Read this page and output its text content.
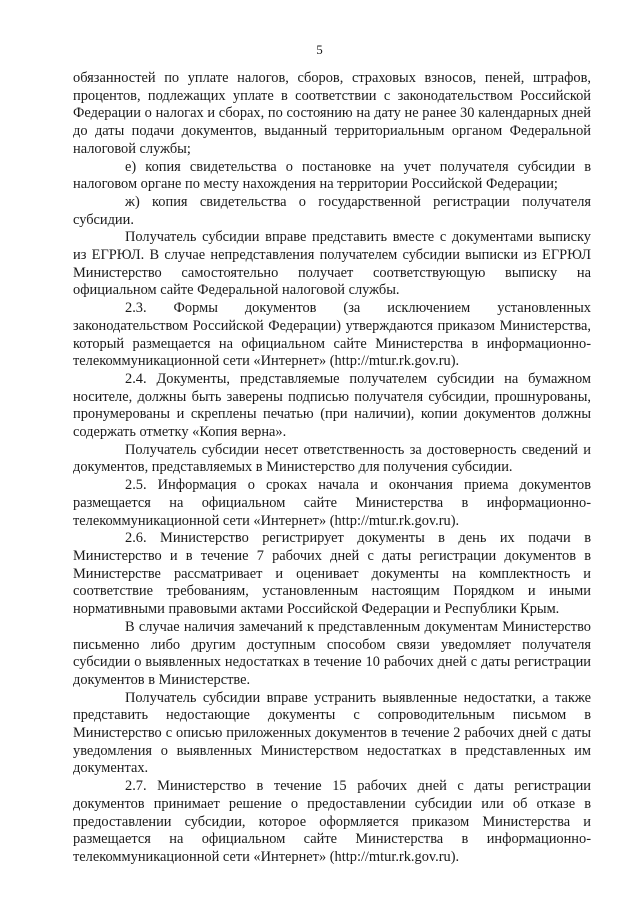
5

обязанностей по уплате налогов, сборов, страховых взносов, пеней, штрафов, процентов, подлежащих уплате в соответствии с законодательством Российской Федерации о налогах и сборах, по состоянию на дату не ранее 30 календарных дней до даты подачи документов, выданный территориальным органом Федеральной налоговой службы;

е) копия свидетельства о постановке на учет получателя субсидии в налоговом органе по месту нахождения на территории Российской Федерации;

ж) копия свидетельства о государственной регистрации получателя субсидии.

Получатель субсидии вправе представить вместе с документами выписку из ЕГРЮЛ. В случае непредставления получателем субсидии выписки из ЕГРЮЛ Министерство самостоятельно получает соответствующую выписку на официальном сайте Федеральной налоговой службы.

2.3. Формы документов (за исключением установленных законодательством Российской Федерации) утверждаются приказом Министерства, который размещается на официальном сайте Министерства в информационно-телекоммуникационной сети «Интернет» (http://mtur.rk.gov.ru).

2.4. Документы, представляемые получателем субсидии на бумажном носителе, должны быть заверены подписью получателя субсидии, прошнурованы, пронумерованы и скреплены печатью (при наличии), копии документов должны содержать отметку «Копия верна».

Получатель субсидии несет ответственность за достоверность сведений и документов, представляемых в Министерство для получения субсидии.

2.5. Информация о сроках начала и окончания приема документов размещается на официальном сайте Министерства в информационно-телекоммуникационной сети «Интернет» (http://mtur.rk.gov.ru).

2.6. Министерство регистрирует документы в день их подачи в Министерство и в течение 7 рабочих дней с даты регистрации документов в Министерстве рассматривает и оценивает документы на комплектность и соответствие требованиям, установленным настоящим Порядком и иными нормативными правовыми актами Российской Федерации и Республики Крым.

В случае наличия замечаний к представленным документам Министерство письменно либо другим доступным способом связи уведомляет получателя субсидии о выявленных недостатках в течение 10 рабочих дней с даты регистрации документов в Министерстве.

Получатель субсидии вправе устранить выявленные недостатки, а также представить недостающие документы с сопроводительным письмом в Министерство с описью приложенных документов в течение 2 рабочих дней с даты уведомления о выявленных Министерством недостатках в представленных им документах.

2.7. Министерство в течение 15 рабочих дней с даты регистрации документов принимает решение о предоставлении субсидии или об отказе в предоставлении субсидии, которое оформляется приказом Министерства и размещается на официальном сайте Министерства в информационно-телекоммуникационной сети «Интернет» (http://mtur.rk.gov.ru).
